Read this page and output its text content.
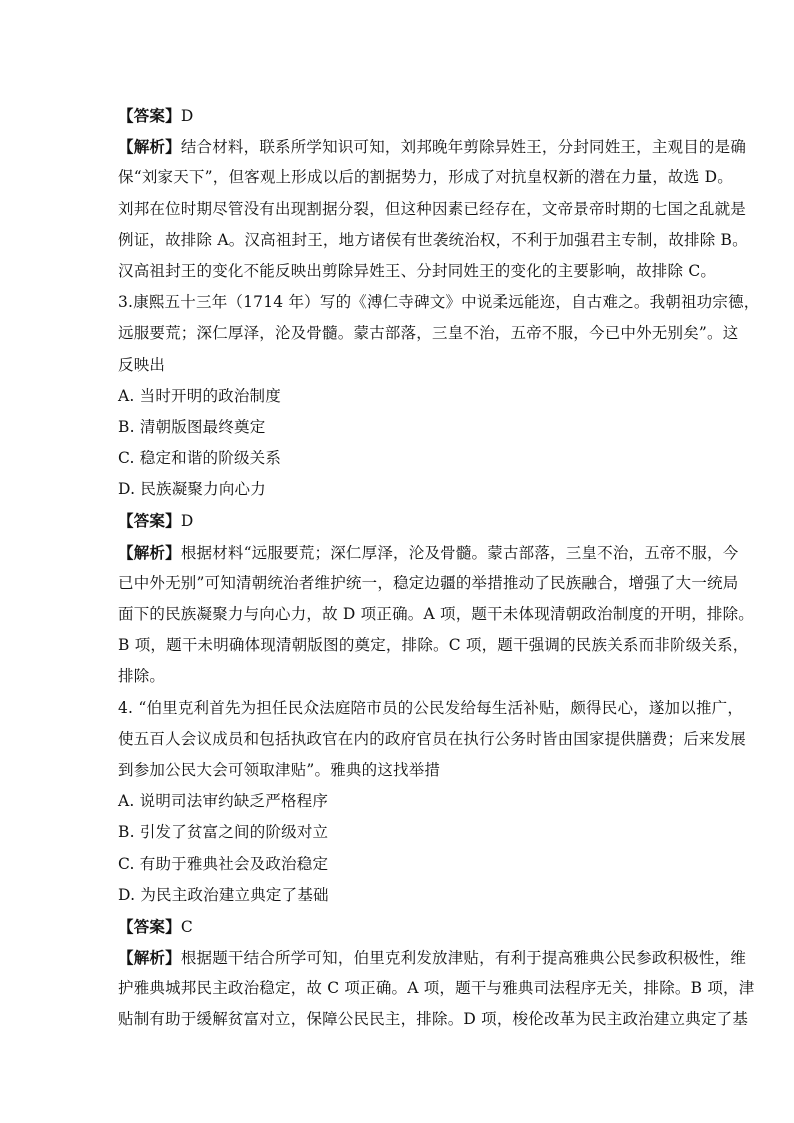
【答案】D
【解析】结合材料，联系所学知识可知，刘邦晚年剪除异姓王，分封同姓王，主观目的是确
保“刘家天下”，但客观上形成以后的割据势力，形成了对抗皇权新的潜在力量，故选 D。
刘邦在位时期尽管没有出现割据分裂，但这种因素已经存在，文帝景帝时期的七国之乱就是
例证，故排除 A。汉高祖封王，地方诸侯有世袭统治权，不利于加强君主专制，故排除 B。
汉高祖封王的变化不能反映出剪除异姓王、分封同姓王的变化的主要影响，故排除 C。
3.康熙五十三年（1714 年）写的《溥仁寺碑文》中说柔远能迩，自古难之。我朝祖功宗德，
远服要荒；深仁厚泽，沦及骨髓。蒙古部落，三皇不治，五帝不服，今已中外无别矣”。这
反映出
A. 当时开明的政治制度
B. 清朝版图最终奠定
C. 稳定和谐的阶级关系
D. 民族凝聚力向心力
【答案】D
【解析】根据材料“远服要荒；深仁厚泽，沦及骨髓。蒙古部落，三皇不治，五帝不服，今
已中外无别”可知清朝统治者维护统一，稳定边疆的举措推动了民族融合，增强了大一统局
面下的民族凝聚力与向心力，故 D 项正确。A 项，题干未体现清朝政治制度的开明，排除。
B 项，题干未明确体现清朝版图的奠定，排除。C 项，题干强调的民族关系而非阶级关系，
排除。
4. “伯里克利首先为担任民众法庭陪市员的公民发给每生活补贴，颇得民心，遂加以推广，
使五百人会议成员和包括执政官在内的政府官员在执行公务时皆由国家提供膳费；后来发展
到参加公民大会可领取津贴”。雅典的这找举措
A. 说明司法审约缺乏严格程序
B. 引发了贫富之间的阶级对立
C. 有助于雅典社会及政治稳定
D. 为民主政治建立典定了基础
【答案】C
【解析】根据题干结合所学可知，伯里克利发放津贴，有利于提高雅典公民参政积极性，维
护雅典城邦民主政治稳定，故 C 项正确。A 项，题干与雅典司法程序无关，排除。B 项，津
贴制有助于缓解贫富对立，保障公民民主，排除。D 项，梭伦改革为民主政治建立典定了基
